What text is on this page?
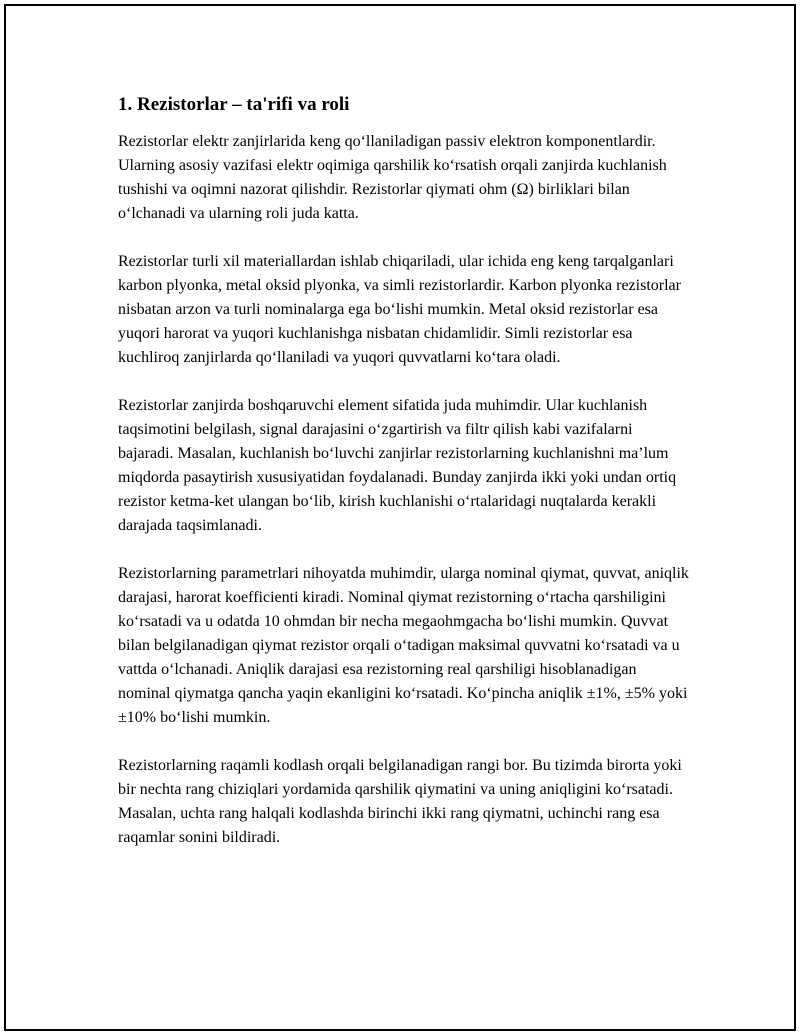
1. Rezistorlar – ta'rifi va roli

Rezistorlar elektr zanjirlarida keng qo‘llaniladigan passiv elektron komponentlardir. Ularning asosiy vazifasi elektr oqimiga qarshilik ko‘rsatish orqali zanjirda kuchlanish tushishi va oqimni nazorat qilishdir. Rezistorlar qiymati ohm (Ω) birliklari bilan o‘lchanadi va ularning roli juda katta.

Rezistorlar turli xil materiallardan ishlab chiqariladi, ular ichida eng keng tarqalganlari karbon plyonka, metal oksid plyonka, va simli rezistorlardir. Karbon plyonka rezistorlar nisbatan arzon va turli nominalarga ega bo‘lishi mumkin. Metal oksid rezistorlar esa yuqori harorat va yuqori kuchlanishga nisbatan chidamlidir. Simli rezistorlar esa kuchliroq zanjirlarda qo‘llaniladi va yuqori quvvatlarni ko‘tara oladi.

Rezistorlar zanjirda boshqaruvchi element sifatida juda muhimdir. Ular kuchlanish taqsimotini belgilash, signal darajasini o‘zgartirish va filtr qilish kabi vazifalarni bajaradi. Masalan, kuchlanish bo‘luvchi zanjirlar rezistorlarning kuchlanishni ma’lum miqdorda pasaytirish xususiyatidan foydalanadi. Bunday zanjirda ikki yoki undan ortiq rezistor ketma-ket ulangan bo‘lib, kirish kuchlanishi o‘rtalaridagi nuqtalarda kerakli darajada taqsimlanadi.

Rezistorlarning parametrlari nihoyatda muhimdir, ularga nominal qiymat, quvvat, aniqlik darajasi, harorat koefficienti kiradi. Nominal qiymat rezistorning o‘rtacha qarshiligini ko‘rsatadi va u odatda 10 ohmdan bir necha megaohmgacha bo‘lishi mumkin. Quvvat bilan belgilanadigan qiymat rezistor orqali o‘tadigan maksimal quvvatni ko‘rsatadi va u vattda o‘lchanadi. Aniqlik darajasi esa rezistorning real qarshiligi hisoblanadigan nominal qiymatga qancha yaqin ekanligini ko‘rsatadi. Ko‘pincha aniqlik ±1%, ±5% yoki ±10% bo‘lishi mumkin.

Rezistorlarning raqamli kodlash orqali belgilanadigan rangi bor. Bu tizimda birorta yoki bir nechta rang chiziqlari yordamida qarshilik qiymatini va uning aniqligini ko‘rsatadi. Masalan, uchta rang halqali kodlashda birinchi ikki rang qiymatni, uchinchi rang esa raqamlar sonini bildiradi.
